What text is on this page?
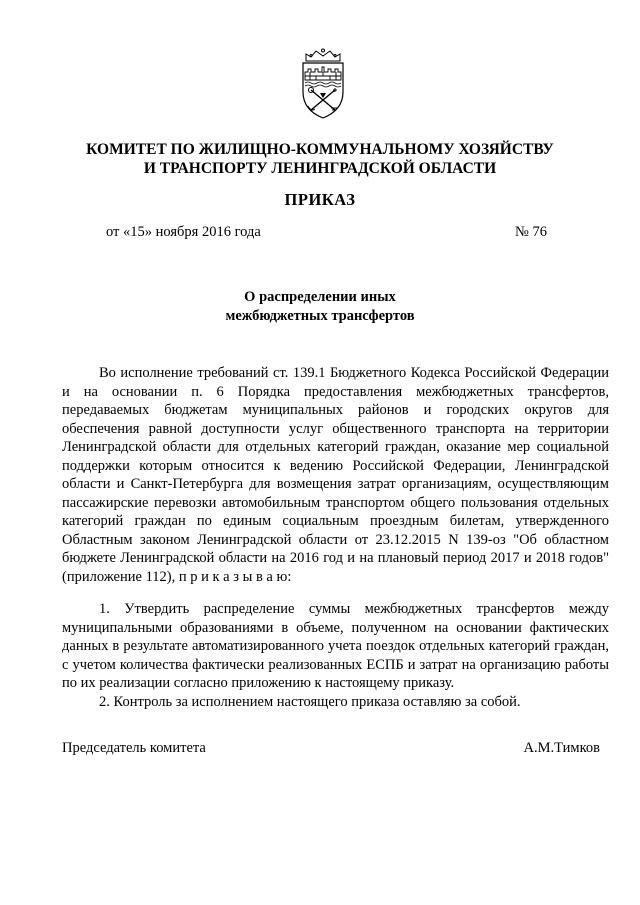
КОМИТЕТ ПО ЖИЛИЩНО-КОММУНАЛЬНОМУ ХОЗЯЙСТВУ
И ТРАНСПОРТУ ЛЕНИНГРАДСКОЙ ОБЛАСТИ
ПРИКАЗ
от «15» ноября 2016 года	№ 76
О распределении иных
межбюджетных трансфертов

Во исполнение требований ст. 139.1 Бюджетного Кодекса Российской Федерации и на основании п. 6 Порядка предоставления межбюджетных трансфертов, передаваемых бюджетам муниципальных районов и городских округов для обеспечения равной доступности услуг общественного транспорта на территории Ленинградской области для отдельных категорий граждан, оказание мер социальной поддержки которым относится к ведению Российской Федерации, Ленинградской области и Санкт-Петербурга для возмещения затрат организациям, осуществляющим пассажирские перевозки автомобильным транспортом общего пользования отдельных категорий граждан по единым социальным проездным билетам, утвержденного Областным законом Ленинградской области от 23.12.2015 N 139-оз "Об областном бюджете Ленинградской области на 2016 год и на плановый период 2017 и 2018 годов" (приложение 112), п р и к а з ы в а ю:

1. Утвердить распределение суммы межбюджетных трансфертов между муниципальными образованиями в объеме, полученном на основании фактических данных в результате автоматизированного учета поездок отдельных категорий граждан, с учетом количества фактически реализованных ЕСПБ и затрат на организацию работы по их реализации согласно приложению к настоящему приказу.

2. Контроль за исполнением настоящего приказа оставляю за собой.

Председатель комитета	А.М.Тимков
